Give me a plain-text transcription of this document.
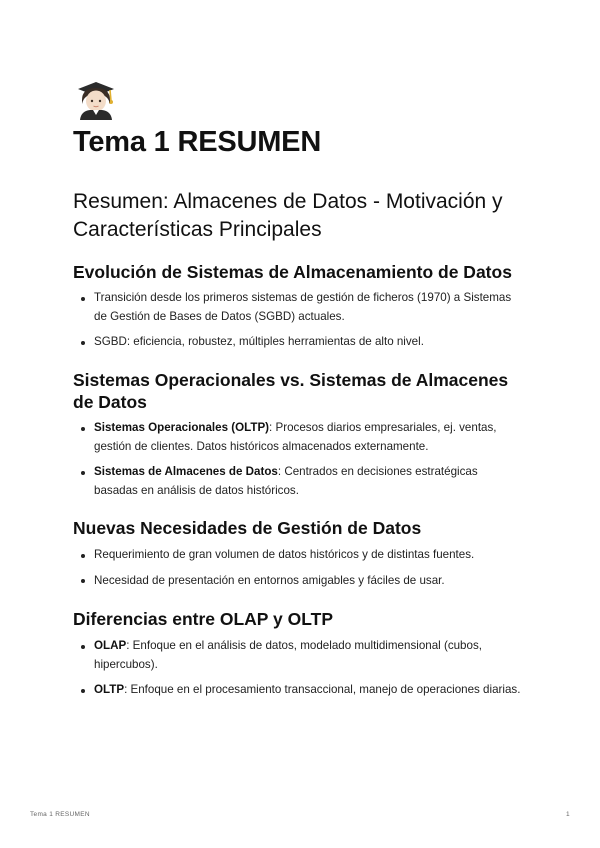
Tema 1 RESUMEN
Resumen: Almacenes de Datos - Motivación y Características Principales
Evolución de Sistemas de Almacenamiento de Datos
Transición desde los primeros sistemas de gestión de ficheros (1970) a Sistemas de Gestión de Bases de Datos (SGBD) actuales.
SGBD: eficiencia, robustez, múltiples herramientas de alto nivel.
Sistemas Operacionales vs. Sistemas de Almacenes de Datos
Sistemas Operacionales (OLTP): Procesos diarios empresariales, ej. ventas, gestión de clientes. Datos históricos almacenados externamente.
Sistemas de Almacenes de Datos: Centrados en decisiones estratégicas basadas en análisis de datos históricos.
Nuevas Necesidades de Gestión de Datos
Requerimiento de gran volumen de datos históricos y de distintas fuentes.
Necesidad de presentación en entornos amigables y fáciles de usar.
Diferencias entre OLAP y OLTP
OLAP: Enfoque en el análisis de datos, modelado multidimensional (cubos, hipercubos).
OLTP: Enfoque en el procesamiento transaccional, manejo de operaciones diarias.
Tema 1 RESUMEN	1
